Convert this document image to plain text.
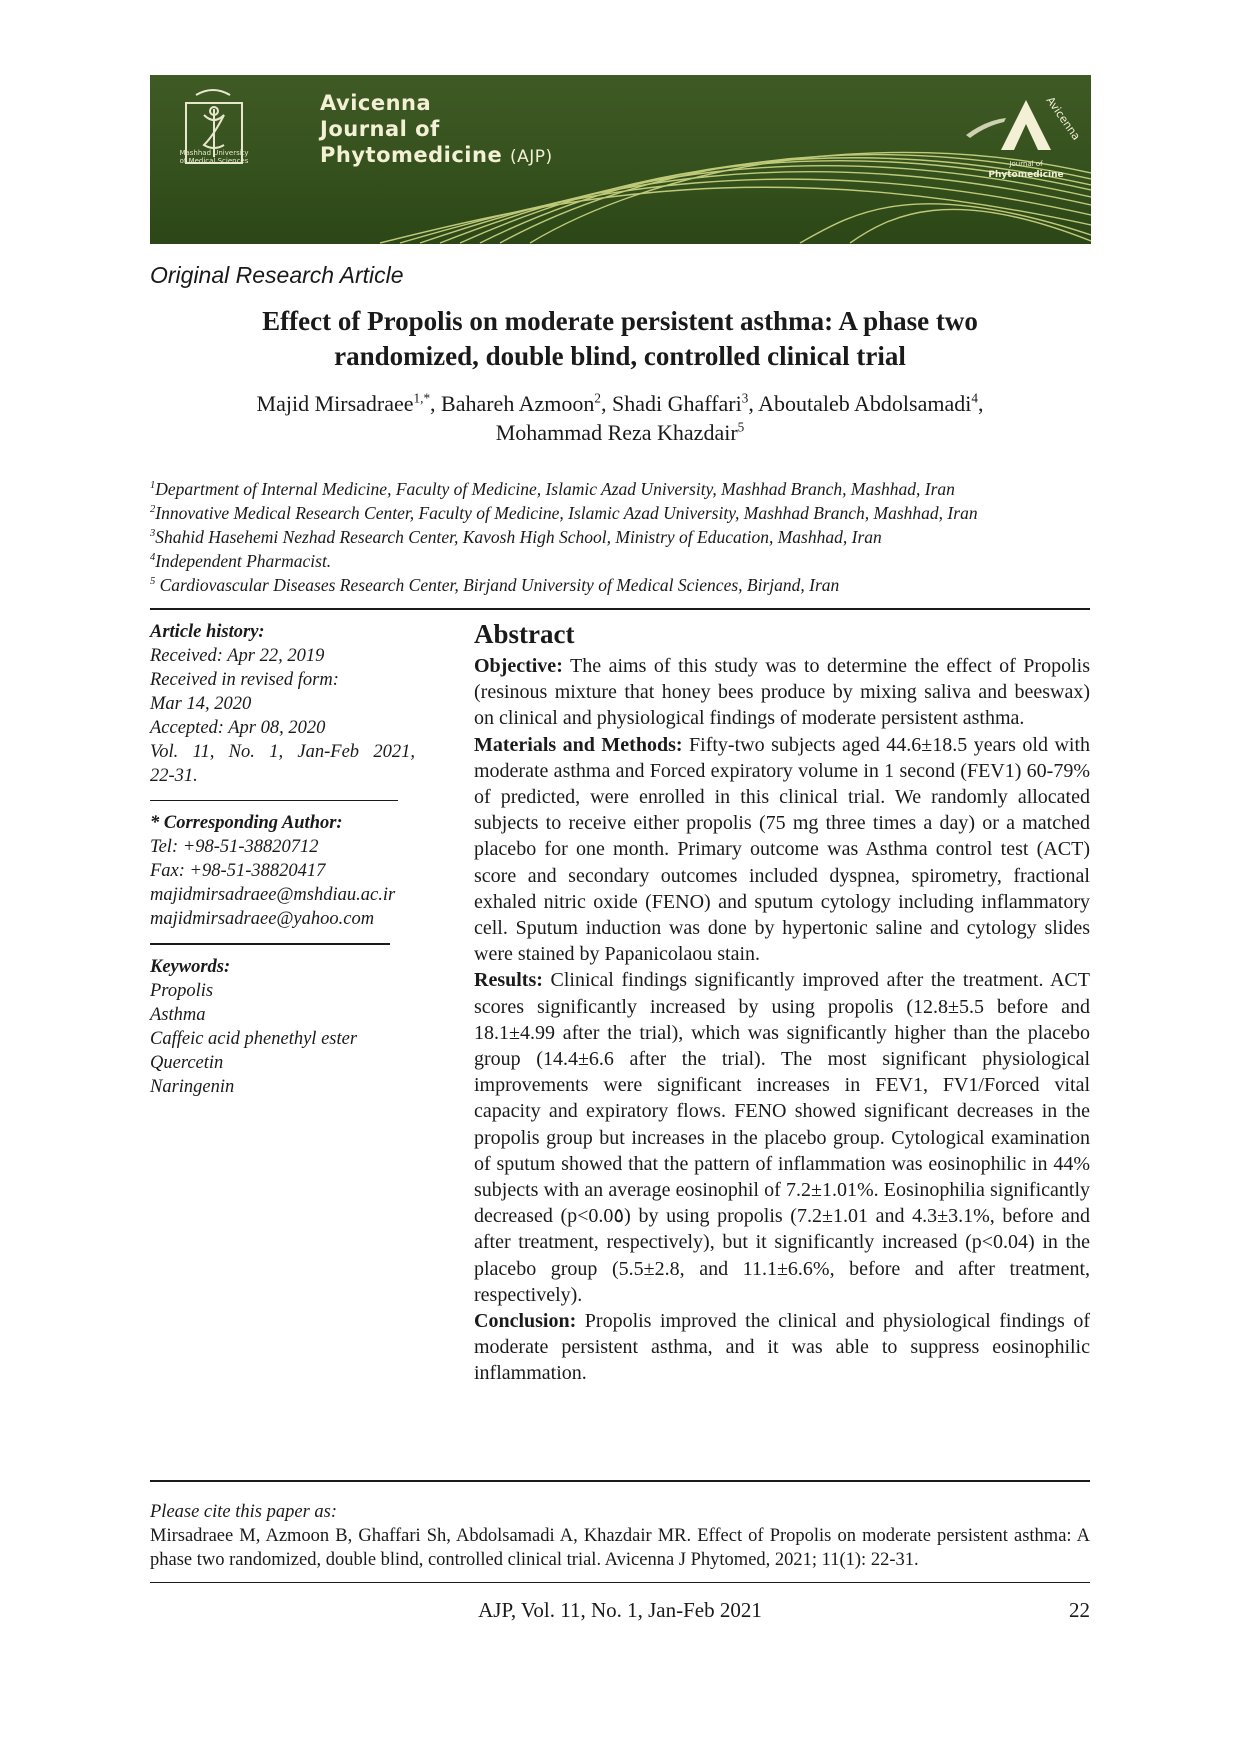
Mashhad University
of Medical Sciences
Avicenna
Journal of
Phytomedicine (AJP)
Avicenna
Journal of
Phytomedicine
Original Research Article
Effect of Propolis on moderate persistent asthma: A phase two
randomized, double blind, controlled clinical trial
Majid Mirsadraee$^{1,*}$, Bahareh Azmoon$^2$, Shadi Ghaffari$^3$, Aboutaleb Abdolsamadi$^4$,
Mohammad Reza Khazdair$^5$
$^1$Department of Internal Medicine, Faculty of Medicine, Islamic Azad University, Mashhad Branch, Mashhad, Iran
$^2$Innovative Medical Research Center, Faculty of Medicine, Islamic Azad University, Mashhad Branch, Mashhad, Iran
$^3$Shahid Hasehemi Nezhad Research Center, Kavosh High School, Ministry of Education, Mashhad, Iran
$^4$Independent Pharmacist.
$^5$ Cardiovascular Diseases Research Center, Birjand University of Medical Sciences, Birjand, Iran
Article history:
Received: Apr 22, 2019
Received in revised form:
Mar 14, 2020
Accepted: Apr 08, 2020
Vol. 11, No. 1, Jan-Feb 2021,
22-31.
* Corresponding Author:
Tel: +98-51-38820712
Fax: +98-51-38820417
majidmirsadraee@mshdiau.ac.ir
majidmirsadraee@yahoo.com
Keywords:
Propolis
Asthma
Caffeic acid phenethyl ester
Quercetin
Naringenin
Abstract

Objective: The aims of this study was to determine the effect of Propolis (resinous mixture that honey bees produce by mixing saliva and beeswax) on clinical and physiological findings of moderate persistent asthma.

Materials and Methods: Fifty-two subjects aged 44.6±18.5 years old with moderate asthma and Forced expiratory volume in 1 second (FEV1) 60-79% of predicted, were enrolled in this clinical trial. We randomly allocated subjects to receive either propolis (75 mg three times a day) or a matched placebo for one month. Primary outcome was Asthma control test (ACT) score and secondary outcomes included dyspnea, spirometry, fractional exhaled nitric oxide (FENO) and sputum cytology including inflammatory cell. Sputum induction was done by hypertonic saline and cytology slides were stained by Papanicolaou stain.

Results: Clinical findings significantly improved after the treatment. ACT scores significantly increased by using propolis (12.8±5.5 before and 18.1±4.99 after the trial), which was significantly higher than the placebo group (14.4±6.6 after the trial). The most significant physiological improvements were significant increases in FEV1, FV1/Forced vital capacity and expiratory flows. FENO showed significant decreases in the propolis group but increases in the placebo group. Cytological examination of sputum showed that the pattern of inflammation was eosinophilic in 44% subjects with an average eosinophil of 7.2±1.01%. Eosinophilia significantly decreased (p<0.0٥) by using propolis (7.2±1.01 and 4.3±3.1%, before and after treatment, respectively), but it significantly increased (p<0.04) in the placebo group (5.5±2.8, and 11.1±6.6%, before and after treatment, respectively).

Conclusion: Propolis improved the clinical and physiological findings of moderate persistent asthma, and it was able to suppress eosinophilic inflammation.

Please cite this paper as:
Mirsadraee M, Azmoon B, Ghaffari Sh, Abdolsamadi A, Khazdair MR. Effect of Propolis on moderate persistent asthma: A phase two randomized, double blind, controlled clinical trial. Avicenna J Phytomed, 2021; 11(1): 22-31.
AJP, Vol. 11, No. 1, Jan-Feb 2021	22
